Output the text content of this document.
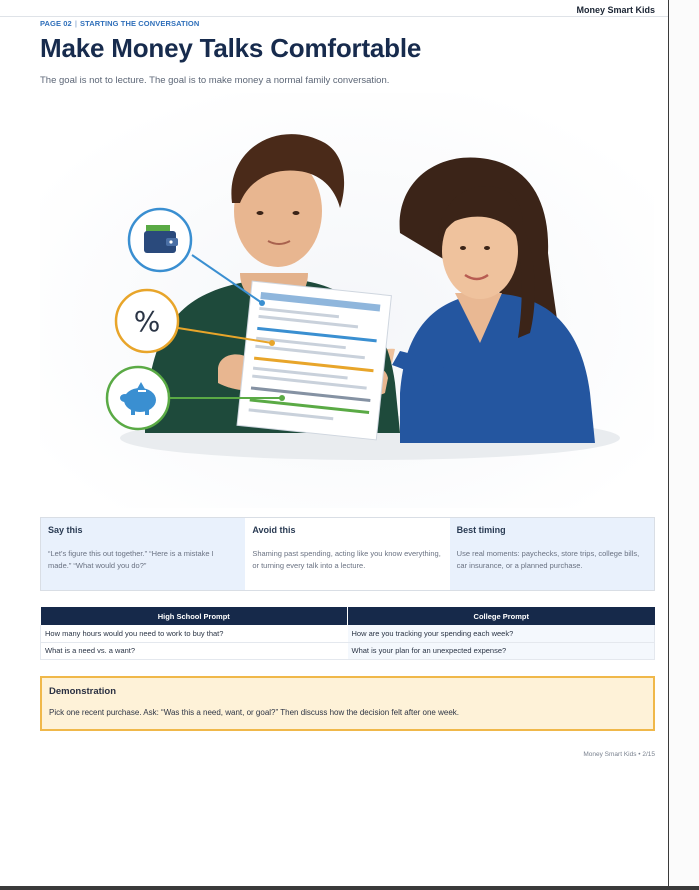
Money Smart Kids
PAGE 02 | STARTING THE CONVERSATION
Make Money Talks Comfortable

The goal is not to lecture. The goal is to make money a normal family conversation.

%
Say this

“Let’s figure this out together.” “Here is a mistake I made.” “What would you do?”

Avoid this

Shaming past spending, acting like you know everything, or turning every talk into a lecture.

Best timing

Use real moments: paychecks, store trips, college bills, car insurance, or a planned purchase.

High School Prompt	College Prompt
How many hours would you need to work to buy that?	How are you tracking your spending each week?
What is a need vs. a want?	What is your plan for an unexpected expense?
Demonstration

Pick one recent purchase. Ask: “Was this a need, want, or goal?” Then discuss how the decision felt after one week.

Money Smart Kids • 2/15
